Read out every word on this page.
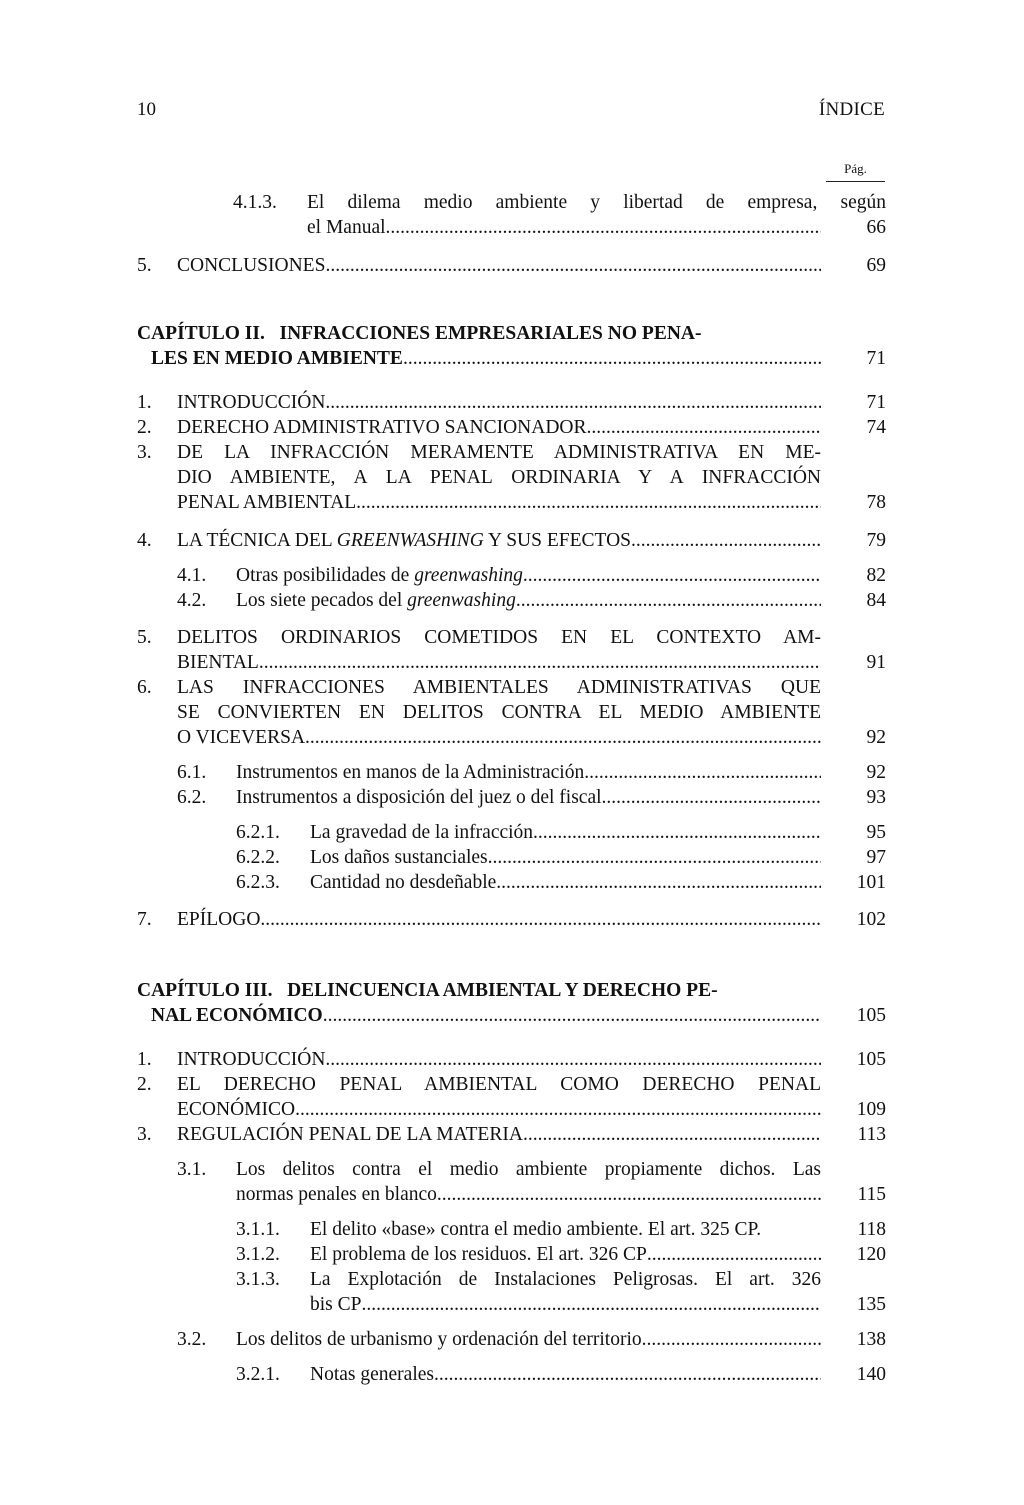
10	ÍNDICE
Pág.
4.1.3.	El dilema medio ambiente y libertad de empresa, según
el Manual .....	66
5.	CONCLUSIONES .....	69
CAPÍTULO II.   INFRACCIONES EMPRESARIALES NO PENA-
LES EN MEDIO AMBIENTE .....	71
1.	INTRODUCCIÓN .....	71
2.	DERECHO ADMINISTRATIVO SANCIONADOR .....	74
3.	DE LA INFRACCIÓN MERAMENTE ADMINISTRATIVA EN ME-
DIO AMBIENTE, A LA PENAL ORDINARIA Y A INFRACCIÓN
PENAL AMBIENTAL .....	78
4.	LA TÉCNICA DEL GREENWASHING Y SUS EFECTOS .....	79
4.1.	Otras posibilidades de greenwashing .....	82
4.2.	Los siete pecados del greenwashing .....	84
5.	DELITOS ORDINARIOS COMETIDOS EN EL CONTEXTO AM-
BIENTAL .....	91
6.	LAS INFRACCIONES AMBIENTALES ADMINISTRATIVAS QUE
SE CONVIERTEN EN DELITOS CONTRA EL MEDIO AMBIENTE
O VICEVERSA .....	92
6.1.	Instrumentos en manos de la Administración .....	92
6.2.	Instrumentos a disposición del juez o del fiscal .....	93
6.2.1.	La gravedad de la infracción .....	95
6.2.2.	Los daños sustanciales .....	97
6.2.3.	Cantidad no desdeñable .....	101
7.	EPÍLOGO .....	102
CAPÍTULO III.   DELINCUENCIA AMBIENTAL Y DERECHO PE-
NAL ECONÓMICO .....	105
1.	INTRODUCCIÓN .....	105
2.	EL DERECHO PENAL AMBIENTAL COMO DERECHO PENAL
ECONÓMICO .....	109
3.	REGULACIÓN PENAL DE LA MATERIA .....	113
3.1.	Los delitos contra el medio ambiente propiamente dichos. Las
normas penales en blanco .....	115
3.1.1.	El delito «base» contra el medio ambiente. El art. 325 CP.	118
3.1.2.	El problema de los residuos. El art. 326 CP .....	120
3.1.3.	La Explotación de Instalaciones Peligrosas. El art. 326
bis CP .....	135
3.2.	Los delitos de urbanismo y ordenación del territorio .....	138
3.2.1.	Notas generales .....	140
